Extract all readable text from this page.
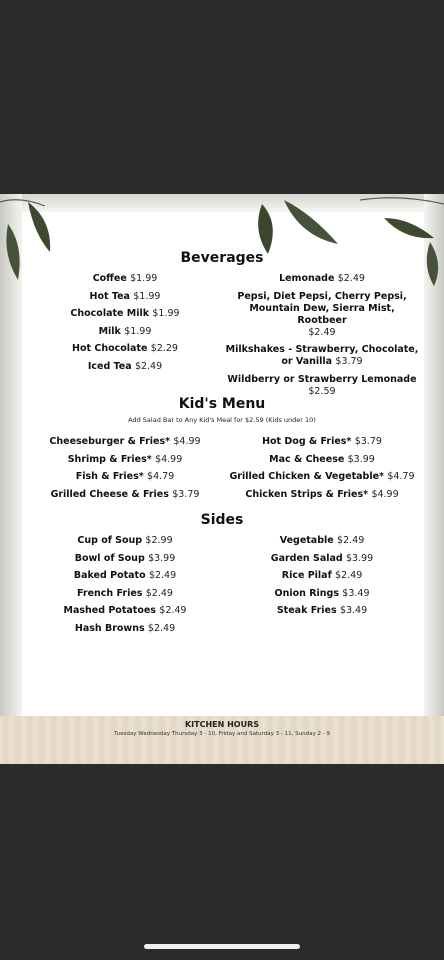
Beverages
Coffee $1.99
Hot Tea $1.99
Chocolate Milk $1.99
Milk $1.99
Hot Chocolate $2.29
Iced Tea $2.49
Lemonade $2.49
Pepsi, Diet Pepsi, Cherry Pepsi,
Mountain Dew, Sierra Mist, Rootbeer
$2.49
Milkshakes - Strawberry, Chocolate,
or Vanilla $3.79
Wildberry or Strawberry Lemonade
$2.59
Kid's Menu
Add Salad Bar to Any Kid's Meal for $2.59 (Kids under 10)
Cheeseburger & Fries* $4.99
Shrimp & Fries* $4.99
Fish & Fries* $4.79
Grilled Cheese & Fries $3.79
Hot Dog & Fries* $3.79
Mac & Cheese $3.99
Grilled Chicken & Vegetable* $4.79
Chicken Strips & Fries* $4.99
Sides
Cup of Soup $2.99
Bowl of Soup $3.99
Baked Potato $2.49
French Fries $2.49
Mashed Potatoes $2.49
Hash Browns $2.49
Vegetable $2.49
Garden Salad $3.99
Rice Pilaf $2.49
Onion Rings $3.49
Steak Fries $3.49
KITCHEN HOURS
Tuesday Wednesday Thursday 3 - 10, Friday and Saturday 3 - 11, Sunday 2 - 9
